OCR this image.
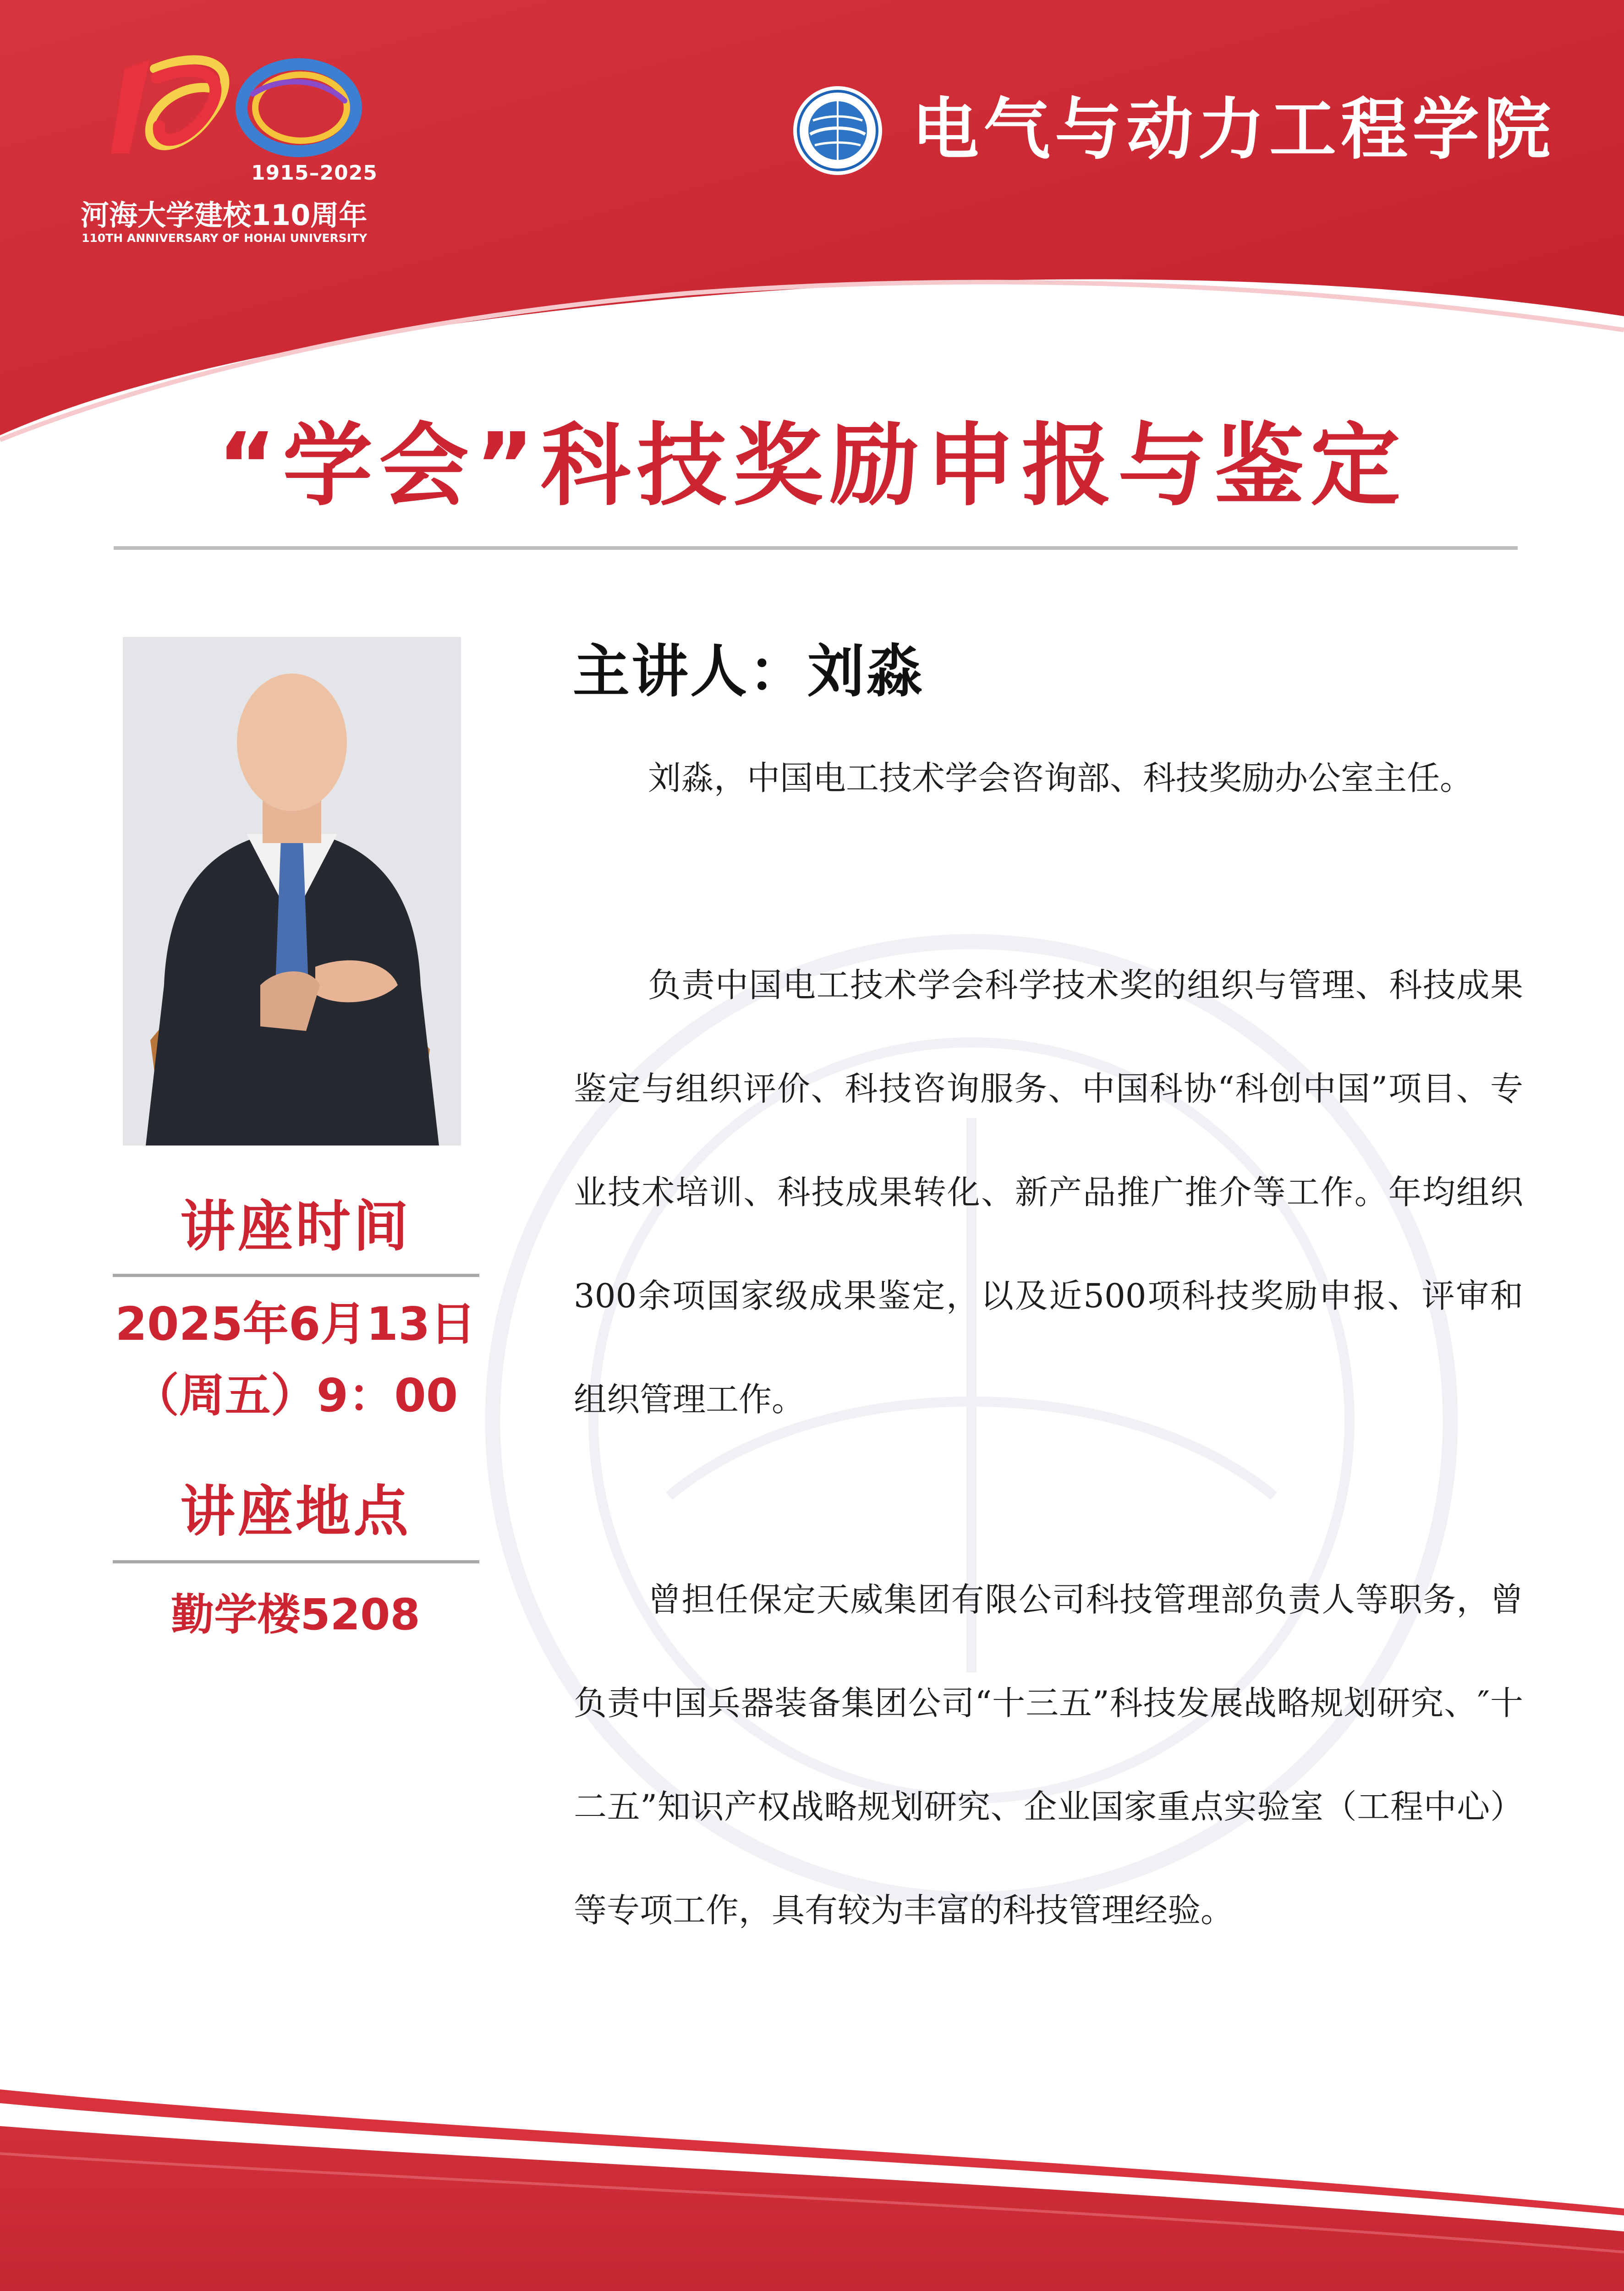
1915–2025
河海大学建校110周年
110TH ANNIVERSARY OF HOHAI UNIVERSITY
电气与动力工程学院
“学会”科技奖励申报与鉴定
讲座时间
2025年6月13日
（周五）9：00
讲座地点
勤学楼5208
主讲人：刘淼

刘淼，中国电工技术学会咨询部、科技奖励办公室主任。

负责中国电工技术学会科学技术奖的组织与管理、科技成果鉴定与组织评价、科技咨询服务、中国科协“科创中国”项目、专业技术培训、科技成果转化、新产品推广推介等工作。年均组织300余项国家级成果鉴定，以及近500项科技奖励申报、评审和组织管理工作。

曾担任保定天威集团有限公司科技管理部负责人等职务，曾负责中国兵器装备集团公司“十三五”科技发展战略规划研究、″十二五”知识产权战略规划研究、企业国家重点实验室（工程中心）等专项工作，具有较为丰富的科技管理经验。
